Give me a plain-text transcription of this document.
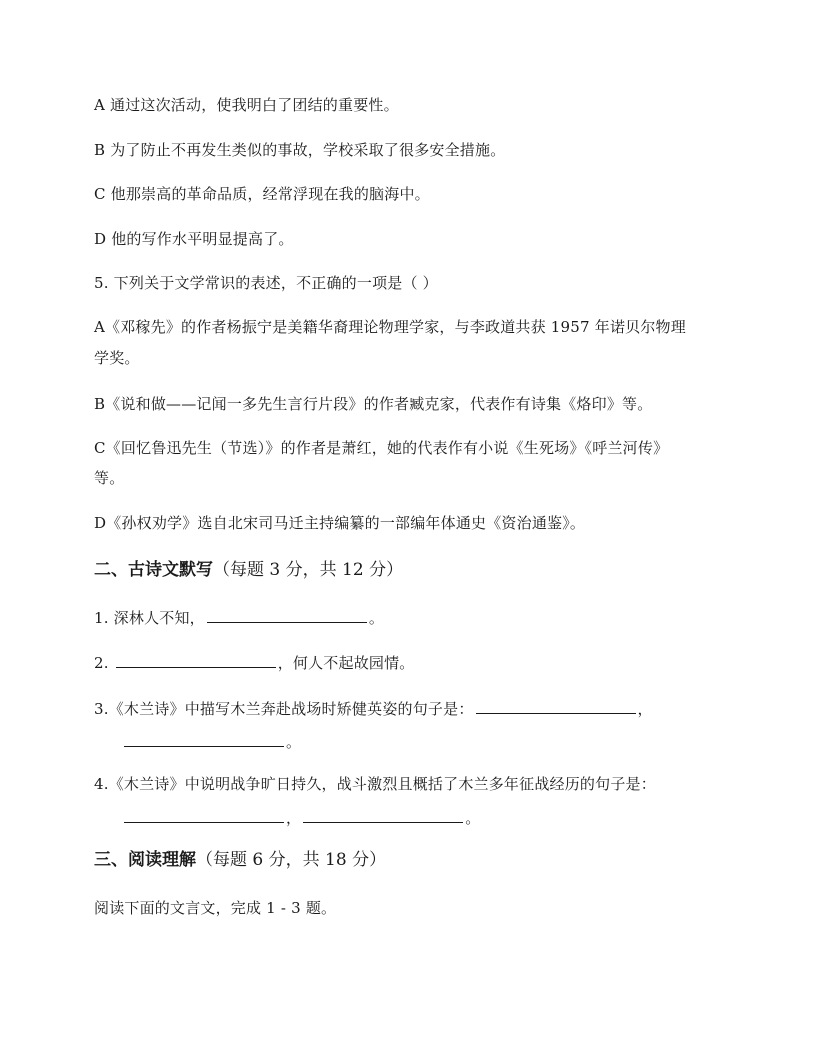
A 通过这次活动，使我明白了团结的重要性。
B 为了防止不再发生类似的事故，学校采取了很多安全措施。
C 他那崇高的革命品质，经常浮现在我的脑海中。
D 他的写作水平明显提高了。
5. 下列关于文学常识的表述，不正确的一项是（ ）
A《邓稼先》的作者杨振宁是美籍华裔理论物理学家，与李政道共获 1957 年诺贝尔物理
学奖。
B《说和做——记闻一多先生言行片段》的作者臧克家，代表作有诗集《烙印》等。
C《回忆鲁迅先生（节选）》的作者是萧红，她的代表作有小说《生死场》《呼兰河传》
等。
D《孙权劝学》选自北宋司马迁主持编纂的一部编年体通史《资治通鉴》。
二、古诗文默写（每题 3 分，共 12 分）
1. 深林人不知，	。
2.	，何人不起故园情。
3.《木兰诗》中描写木兰奔赴战场时矫健英姿的句子是：	，
。
4.《木兰诗》中说明战争旷日持久，战斗激烈且概括了木兰多年征战经历的句子是：
，	。
三、阅读理解（每题 6 分，共 18 分）
阅读下面的文言文，完成 1 - 3 题。
